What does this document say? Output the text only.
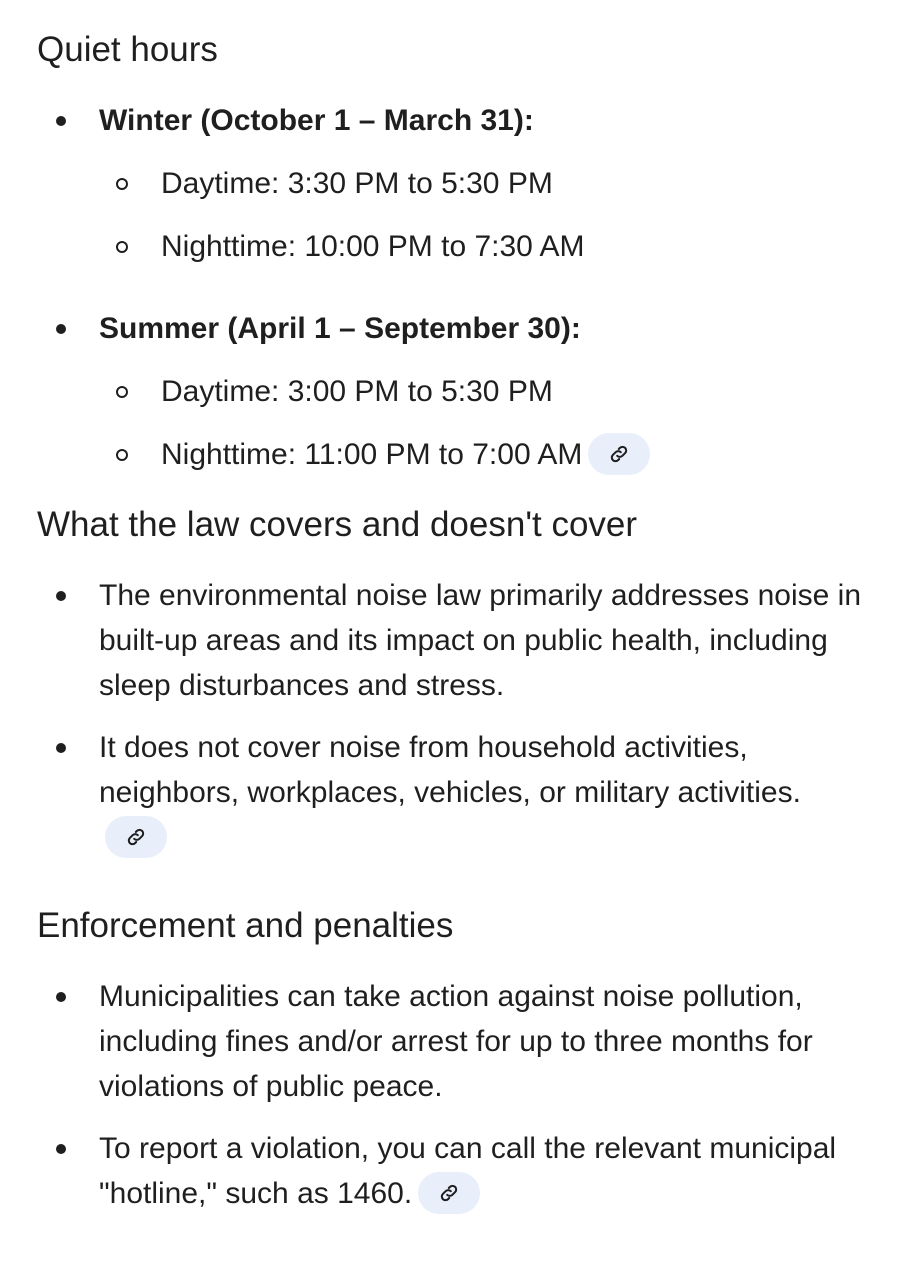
Quiet hours
Winter (October 1 – March 31):
Daytime: 3:30 PM to 5:30 PM
Nighttime: 10:00 PM to 7:30 AM
Summer (April 1 – September 30):
Daytime: 3:00 PM to 5:30 PM
Nighttime: 11:00 PM to 7:00 AM
What the law covers and doesn't cover
The environmental noise law primarily addresses noise in built-up areas and its impact on public health, including sleep disturbances and stress.
It does not cover noise from household activities, neighbors, workplaces, vehicles, or military activities.
Enforcement and penalties
Municipalities can take action against noise pollution, including fines and/or arrest for up to three months for violations of public peace.
To report a violation, you can call the relevant municipal "hotline," such as 1460.
